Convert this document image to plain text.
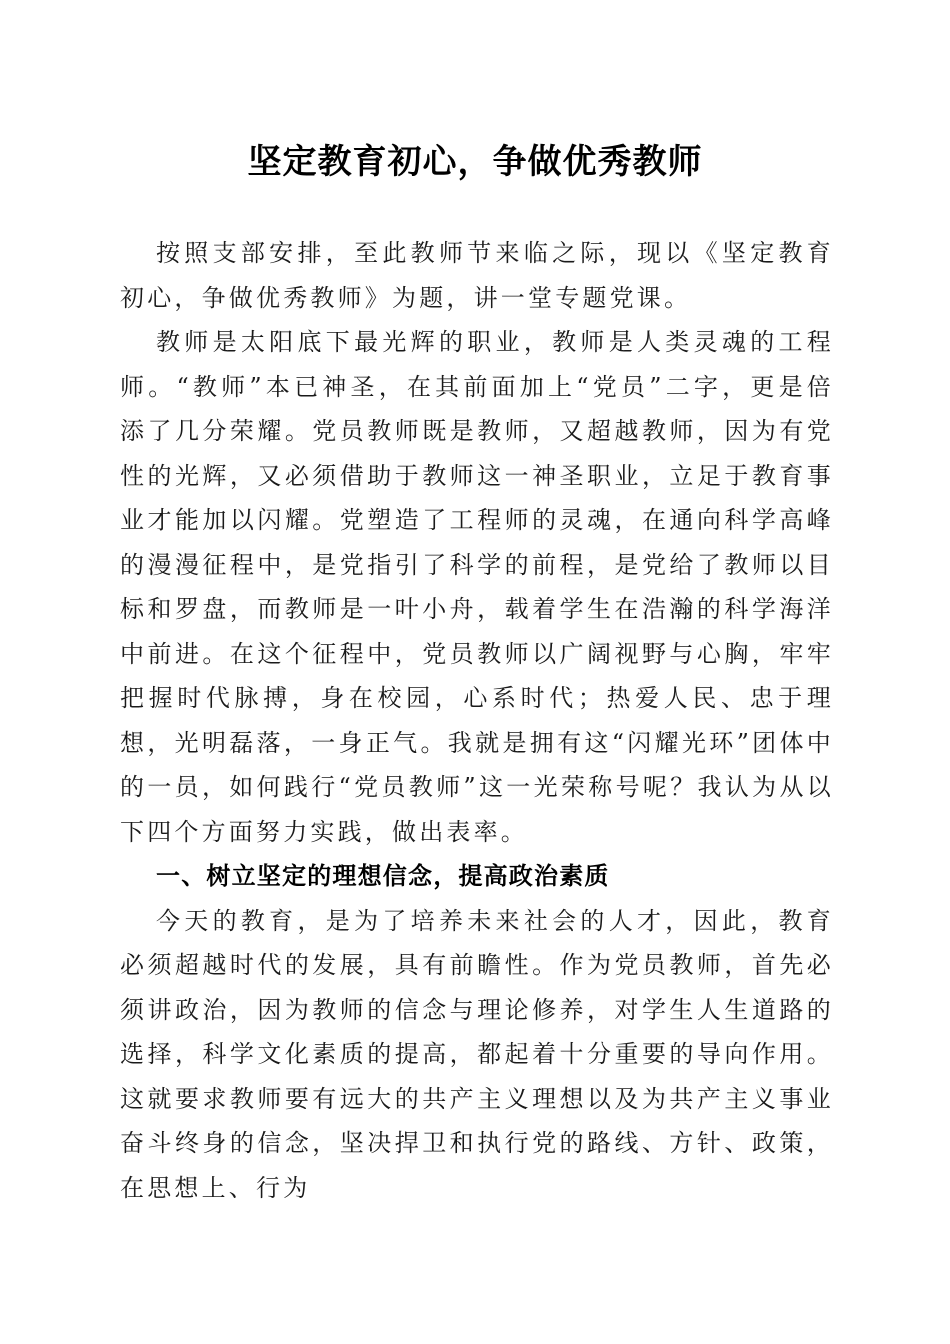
坚定教育初心，争做优秀教师

按照支部安排，至此教师节来临之际，现以《坚定教育初心，争做优秀教师》为题，讲一堂专题党课。

教师是太阳底下最光辉的职业，教师是人类灵魂的工程师。“教师”本已神圣，在其前面加上“党员”二字，更是倍添了几分荣耀。党员教师既是教师，又超越教师，因为有党性的光辉，又必须借助于教师这一神圣职业，立足于教育事业才能加以闪耀。党塑造了工程师的灵魂，在通向科学高峰的漫漫征程中，是党指引了科学的前程，是党给了教师以目标和罗盘，而教师是一叶小舟，载着学生在浩瀚的科学海洋中前进。在这个征程中，党员教师以广阔视野与心胸，牢牢把握时代脉搏，身在校园，心系时代；热爱人民、忠于理想，光明磊落，一身正气。我就是拥有这“闪耀光环”团体中的一员，如何践行“党员教师”这一光荣称号呢？我认为从以下四个方面努力实践，做出表率。

一、树立坚定的理想信念，提高政治素质

今天的教育，是为了培养未来社会的人才，因此，教育必须超越时代的发展，具有前瞻性。作为党员教师，首先必须讲政治，因为教师的信念与理论修养，对学生人生道路的选择，科学文化素质的提高，都起着十分重要的导向作用。这就要求教师要有远大的共产主义理想以及为共产主义事业奋斗终身的信念，坚决捍卫和执行党的路线、方针、政策，在思想上、行为
